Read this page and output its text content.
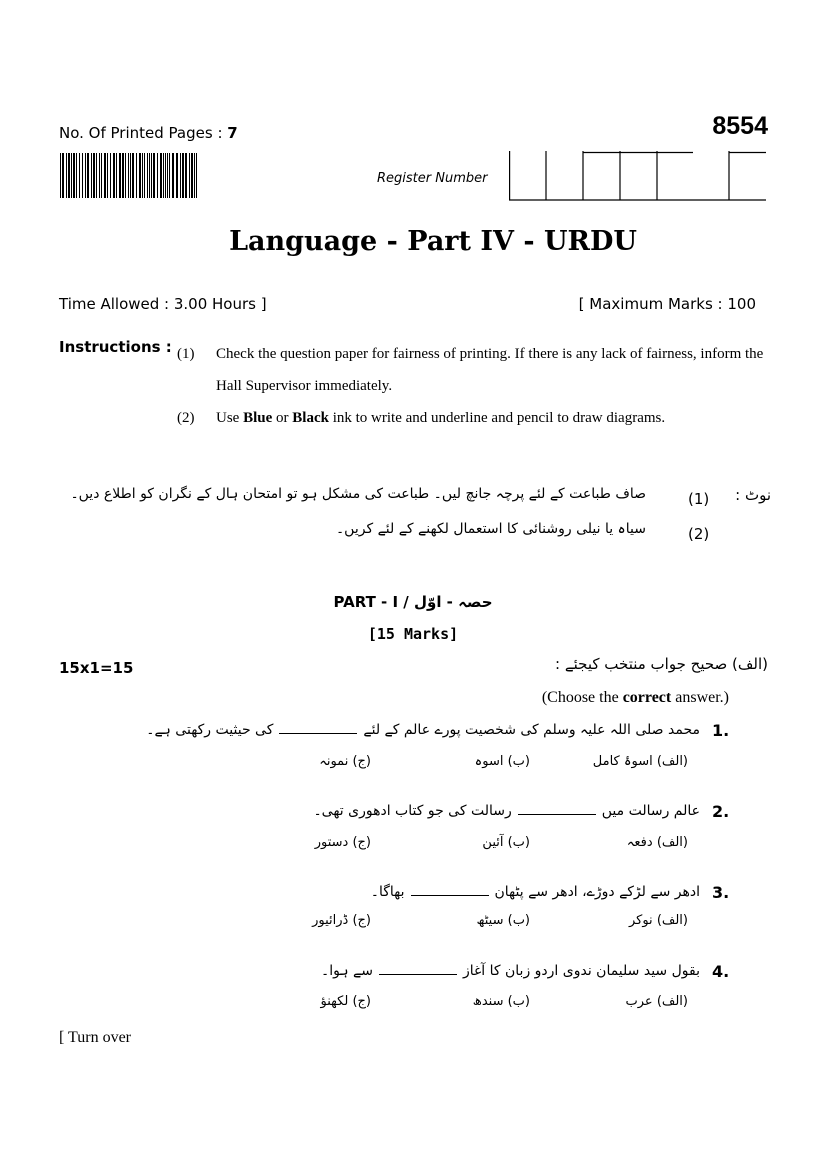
No. Of Printed Pages : 7	8554
Register Number
Language - Part IV - URDU
Time Allowed : 3.00 Hours ]	[ Maximum Marks : 100
Instructions : (1) Check the question paper for fairness of printing. If there is any lack of fairness, inform the Hall Supervisor immediately.
(2) Use Blue or Black ink to write and underline and pencil to draw diagrams.
نوٹ :
(1)
صاف طباعت کے لئے پرچہ جانچ لیں۔ طباعت کی مشکل ہو تو امتحان ہال کے نگران کو اطلاع دیں۔
(2)
سیاہ یا نیلی روشنائی کا استعمال لکھنے کے لئے کریں۔
PART - I / حصہ - اوّل
[15 Marks]
15x1=15	(الف) صحیح جواب منتخب کیجئے :
(Choose the correct answer.)
1.
محمد صلی اللہ علیہ وسلم کی شخصیت پورے عالم کے لئےکی حیثیت رکھتی ہے۔
(الف) اسوۂ کامل
(ب) اسوہ
(ج) نمونہ
2.
عالم رسالت میںرسالت کی جو کتاب ادھوری تھی۔
(الف) دفعہ
(ب) آئین
(ج) دستور
3.
ادھر سے لڑکے دوڑے، ادھر سے پٹھانبھاگا۔
(الف) نوکر
(ب) سیٹھ
(ج) ڈرائیور
4.
بقول سید سلیمان ندوی اردو زبان کا آغازسے ہوا۔
(الف) عرب
(ب) سندھ
(ج) لکھنؤ
[ Turn over
